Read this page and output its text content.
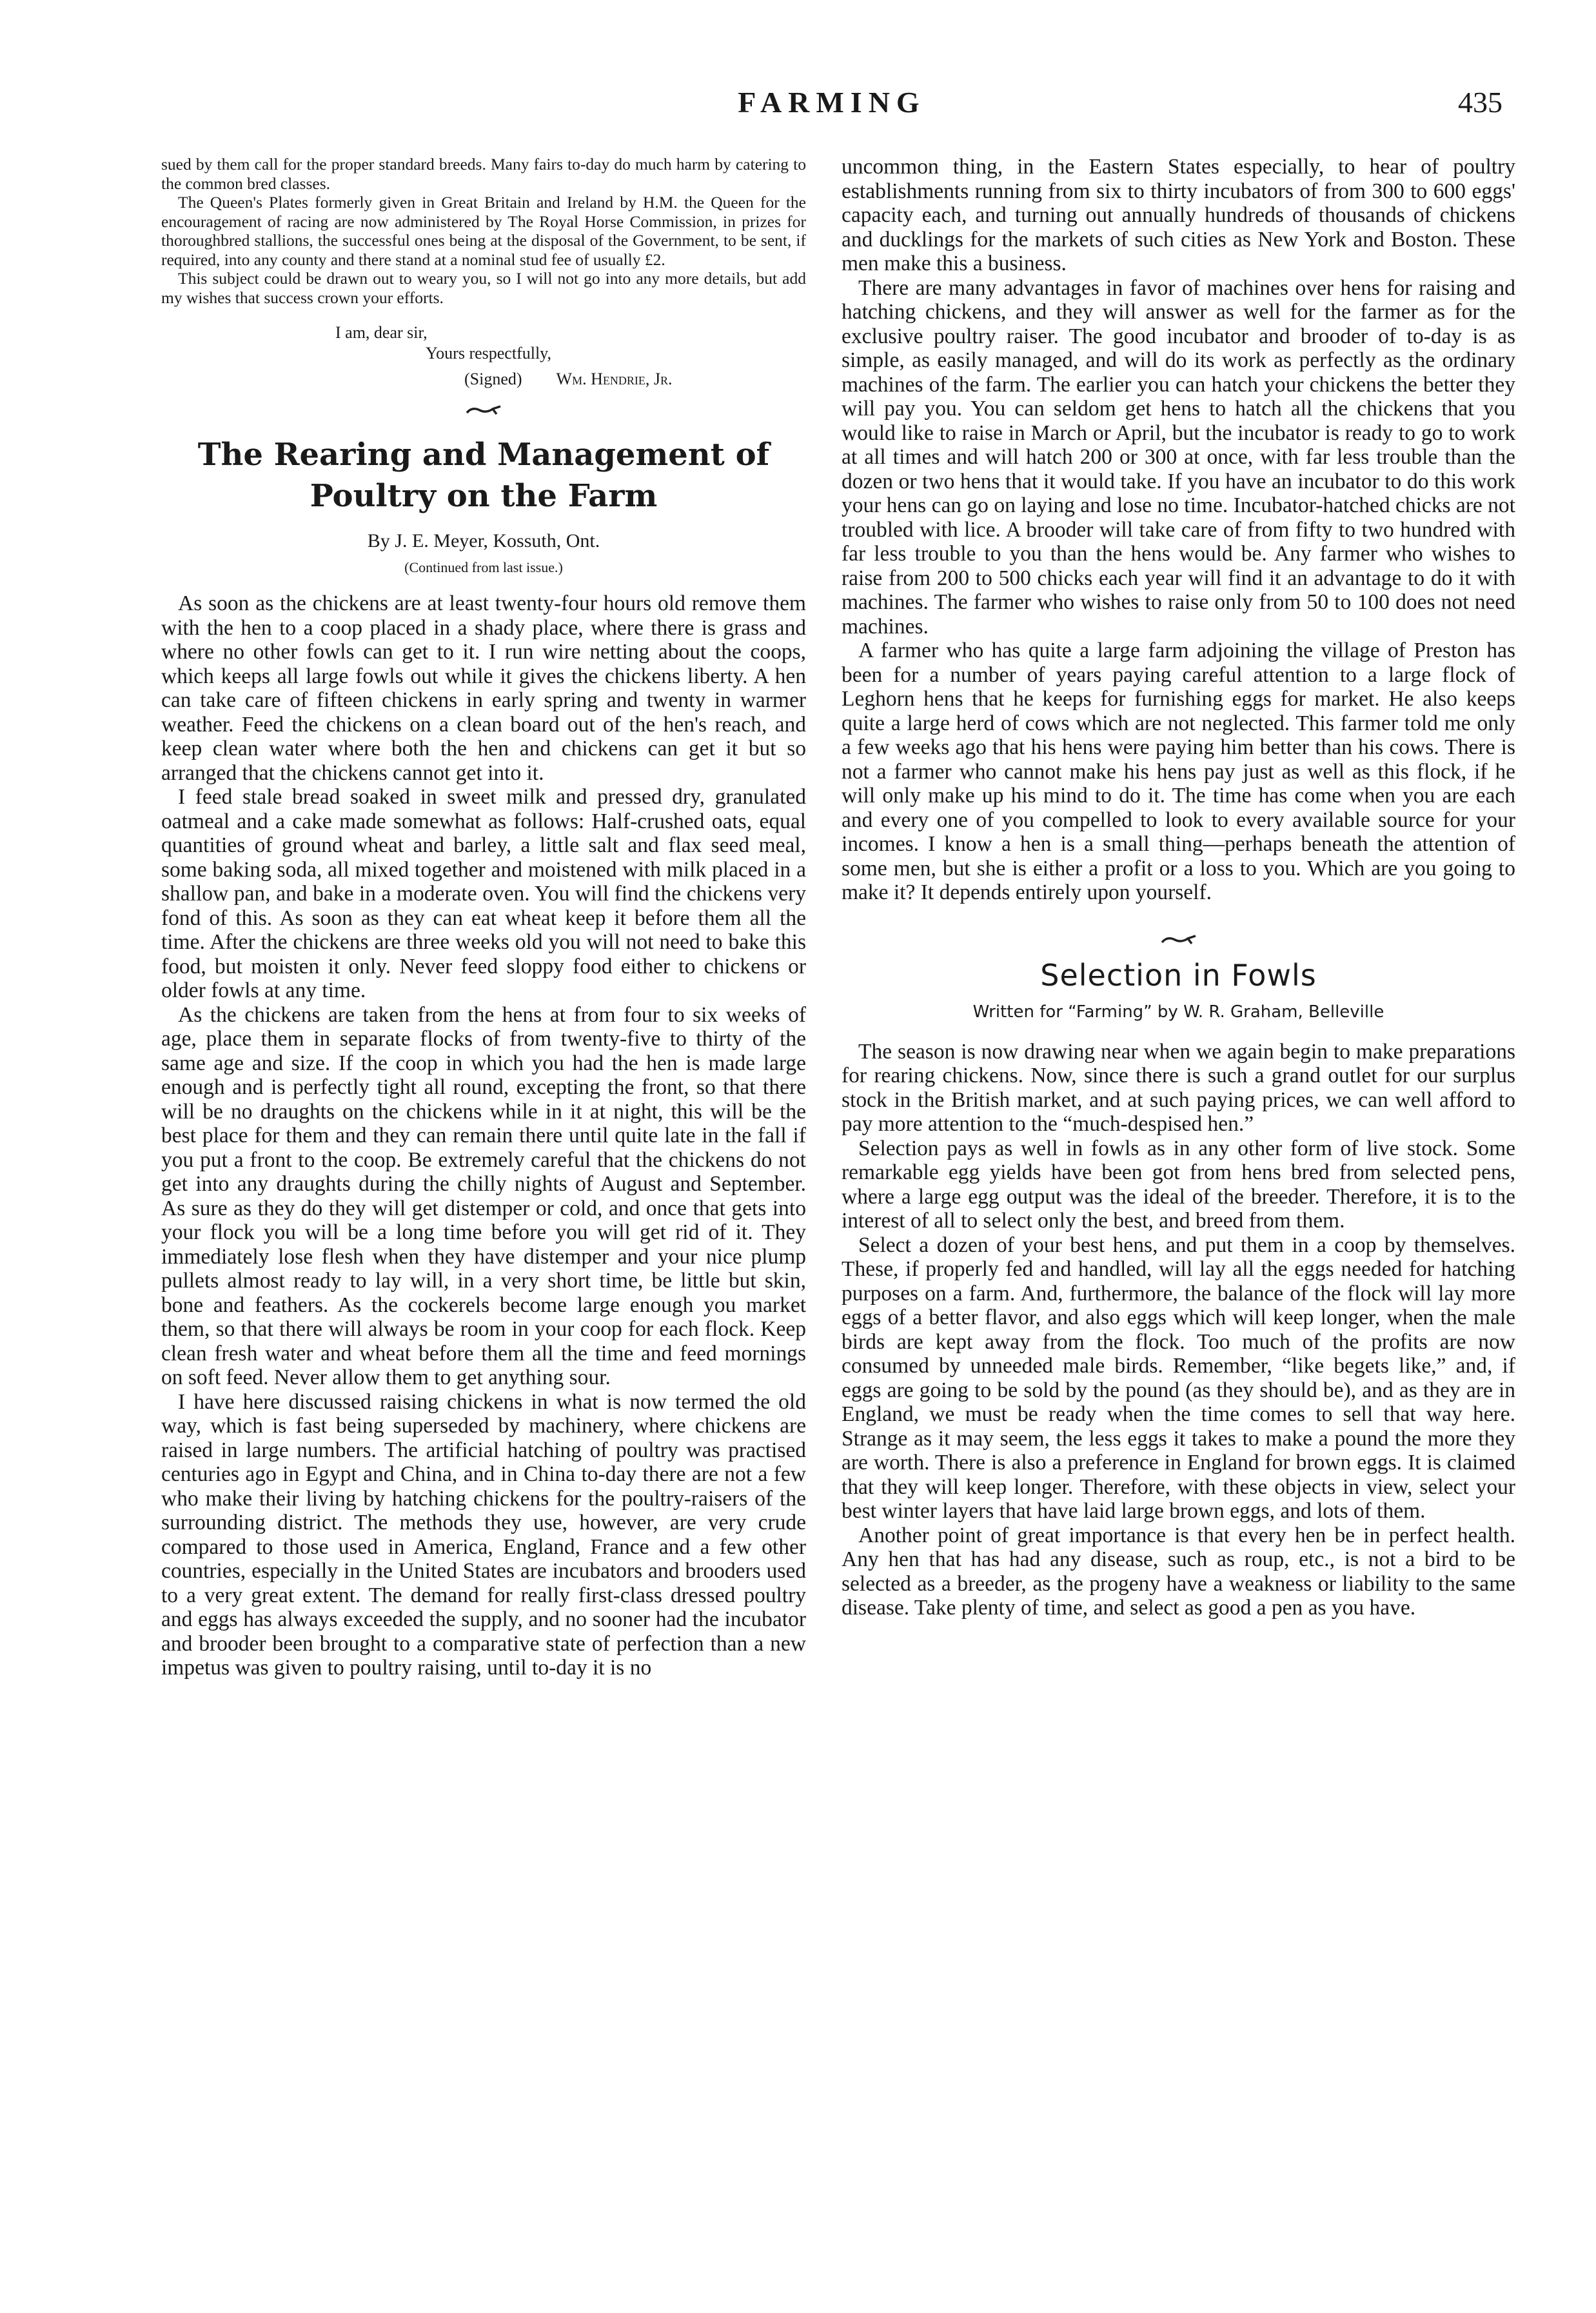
FARMING	435

sued by them call for the proper standard breeds. Many fairs to-day do much harm by catering to the common bred classes.

The Queen's Plates formerly given in Great Britain and Ireland by H.M. the Queen for the encouragement of racing are now administered by The Royal Horse Commission, in prizes for thoroughbred stallions, the successful ones being at the disposal of the Government, to be sent, if required, into any county and there stand at a nominal stud fee of usually £2.

This subject could be drawn out to weary you, so I will not go into any more details, but add my wishes that success crown your efforts.

I am, dear sir,
Yours respectfully,
(Signed) Wm. Hendrie, Jr.
The Rearing and Management of Poultry on the Farm
By J. E. Meyer, Kossuth, Ont.
(Continued from last issue.)

As soon as the chickens are at least twenty-four hours old remove them with the hen to a coop placed in a shady place, where there is grass and where no other fowls can get to it. I run wire netting about the coops, which keeps all large fowls out while it gives the chickens liberty. A hen can take care of fifteen chickens in early spring and twenty in warmer weather. Feed the chickens on a clean board out of the hen's reach, and keep clean water where both the hen and chickens can get it but so arranged that the chickens cannot get into it.

I feed stale bread soaked in sweet milk and pressed dry, granulated oatmeal and a cake made somewhat as follows: Half-crushed oats, equal quantities of ground wheat and barley, a little salt and flax seed meal, some baking soda, all mixed together and moistened with milk placed in a shallow pan, and bake in a moderate oven. You will find the chickens very fond of this. As soon as they can eat wheat keep it before them all the time. After the chickens are three weeks old you will not need to bake this food, but moisten it only. Never feed sloppy food either to chickens or older fowls at any time.

As the chickens are taken from the hens at from four to six weeks of age, place them in separate flocks of from twenty-five to thirty of the same age and size. If the coop in which you had the hen is made large enough and is perfectly tight all round, excepting the front, so that there will be no draughts on the chickens while in it at night, this will be the best place for them and they can remain there until quite late in the fall if you put a front to the coop. Be extremely careful that the chickens do not get into any draughts during the chilly nights of August and September. As sure as they do they will get distemper or cold, and once that gets into your flock you will be a long time before you will get rid of it. They immediately lose flesh when they have distemper and your nice plump pullets almost ready to lay will, in a very short time, be little but skin, bone and feathers. As the cockerels become large enough you market them, so that there will always be room in your coop for each flock. Keep clean fresh water and wheat before them all the time and feed mornings on soft feed. Never allow them to get anything sour.

I have here discussed raising chickens in what is now termed the old way, which is fast being superseded by machinery, where chickens are raised in large numbers. The artificial hatching of poultry was practised centuries ago in Egypt and China, and in China to-day there are not a few who make their living by hatching chickens for the poultry-raisers of the surrounding district. The methods they use, however, are very crude compared to those used in America, England, France and a few other countries, especially in the United States are incubators and brooders used to a very great extent. The demand for really first-class dressed poultry and eggs has always exceeded the supply, and no sooner had the incubator and brooder been brought to a comparative state of perfection than a new impetus was given to poultry raising, until to-day it is no

uncommon thing, in the Eastern States especially, to hear of poultry establishments running from six to thirty incubators of from 300 to 600 eggs' capacity each, and turning out annually hundreds of thousands of chickens and ducklings for the markets of such cities as New York and Boston. These men make this a business.

There are many advantages in favor of machines over hens for raising and hatching chickens, and they will answer as well for the farmer as for the exclusive poultry raiser. The good incubator and brooder of to-day is as simple, as easily managed, and will do its work as perfectly as the ordinary machines of the farm. The earlier you can hatch your chickens the better they will pay you. You can seldom get hens to hatch all the chickens that you would like to raise in March or April, but the incubator is ready to go to work at all times and will hatch 200 or 300 at once, with far less trouble than the dozen or two hens that it would take. If you have an incubator to do this work your hens can go on laying and lose no time. Incubator-hatched chicks are not troubled with lice. A brooder will take care of from fifty to two hundred with far less trouble to you than the hens would be. Any farmer who wishes to raise from 200 to 500 chicks each year will find it an advantage to do it with machines. The farmer who wishes to raise only from 50 to 100 does not need machines.

A farmer who has quite a large farm adjoining the village of Preston has been for a number of years paying careful attention to a large flock of Leghorn hens that he keeps for furnishing eggs for market. He also keeps quite a large herd of cows which are not neglected. This farmer told me only a few weeks ago that his hens were paying him better than his cows. There is not a farmer who cannot make his hens pay just as well as this flock, if he will only make up his mind to do it. The time has come when you are each and every one of you compelled to look to every available source for your incomes. I know a hen is a small thing—perhaps beneath the attention of some men, but she is either a profit or a loss to you. Which are you going to make it? It depends entirely upon yourself.

Selection in Fowls
Written for “Farming” by W. R. Graham, Belleville

The season is now drawing near when we again begin to make preparations for rearing chickens. Now, since there is such a grand outlet for our surplus stock in the British market, and at such paying prices, we can well afford to pay more attention to the “much-despised hen.”

Selection pays as well in fowls as in any other form of live stock. Some remarkable egg yields have been got from hens bred from selected pens, where a large egg output was the ideal of the breeder. Therefore, it is to the interest of all to select only the best, and breed from them.

Select a dozen of your best hens, and put them in a coop by themselves. These, if properly fed and handled, will lay all the eggs needed for hatching purposes on a farm. And, furthermore, the balance of the flock will lay more eggs of a better flavor, and also eggs which will keep longer, when the male birds are kept away from the flock. Too much of the profits are now consumed by unneeded male birds. Remember, “like begets like,” and, if eggs are going to be sold by the pound (as they should be), and as they are in England, we must be ready when the time comes to sell that way here. Strange as it may seem, the less eggs it takes to make a pound the more they are worth. There is also a preference in England for brown eggs. It is claimed that they will keep longer. Therefore, with these objects in view, select your best winter layers that have laid large brown eggs, and lots of them.

Another point of great importance is that every hen be in perfect health. Any hen that has had any disease, such as roup, etc., is not a bird to be selected as a breeder, as the progeny have a weakness or liability to the same disease. Take plenty of time, and select as good a pen as you have.
